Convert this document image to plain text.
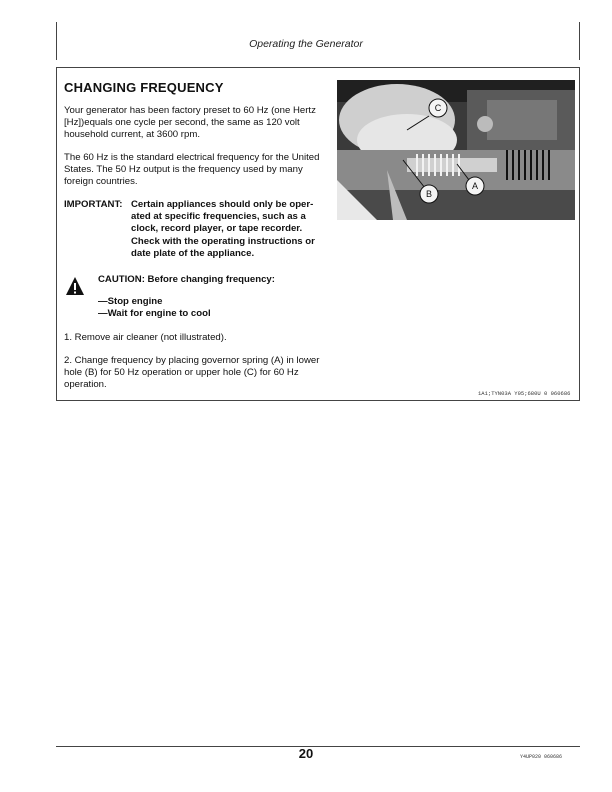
Operating the Generator
CHANGING FREQUENCY
Your generator has been factory preset to 60 Hz (one Hertz
[Hz])equals one cycle per second, the same as 120 volt
household current, at 3600 rpm.
The 60 Hz is the standard electrical frequency for the United
States. The 50 Hz output is the frequency used by many
foreign countries.
IMPORTANT: Certain appliances should only be oper-
ated at specific frequencies, such as a
clock, record player, or tape recorder.
Check with the operating instructions or
date plate of the appliance.
CAUTION: Before changing frequency:
—Stop engine
—Wait for engine to cool
1. Remove air cleaner (not illustrated).
2. Change frequency by placing governor spring (A) in lower
hole (B) for 50 Hz operation or upper hole (C) for 60 Hz
operation.
C
A
B
1A1;TYN03A Y05;680U 0 060686
20	Y4UP020 060686
